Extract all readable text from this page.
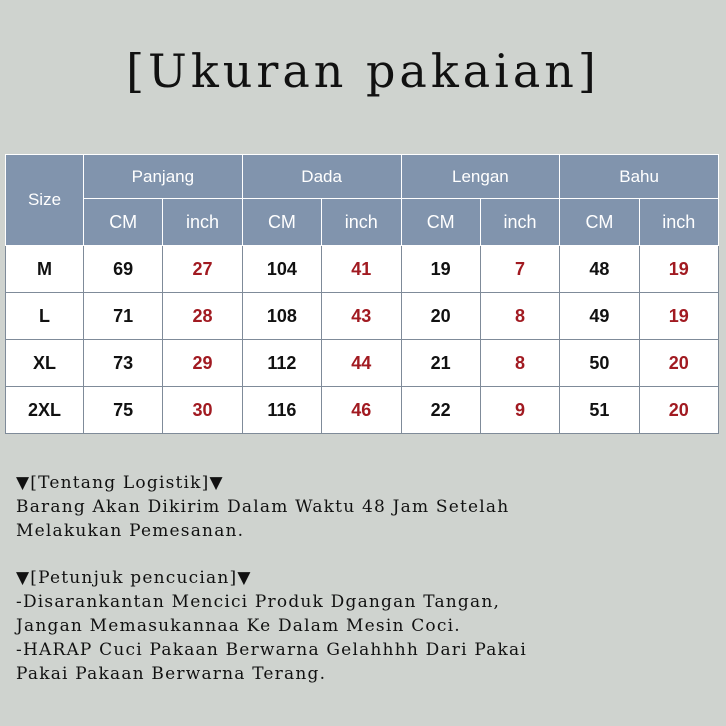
[Ukuran pakaian]
Size	Panjang		Dada		Lengan		Bahu	
	CM	inch	CM	inch	CM	inch	CM	inch
M	69	27	104	41	19	7	48	19
L	71	28	108	43	20	8	49	19
XL	73	29	112	44	21	8	50	20
2XL	75	30	116	46	22	9	51	20

▼[Tentang Logistik]▼

Barang Akan Dikirim Dalam Waktu 48 Jam Setelah

Melakukan Pemesanan.

▼[Petunjuk pencucian]▼

-Disarankantan Mencici Produk Dgangan Tangan,

Jangan Memasukannaa Ke Dalam Mesin Coci.

-HARAP Cuci Pakaan Berwarna Gelahhhh Dari Pakai

Pakai Pakaan Berwarna Terang.
